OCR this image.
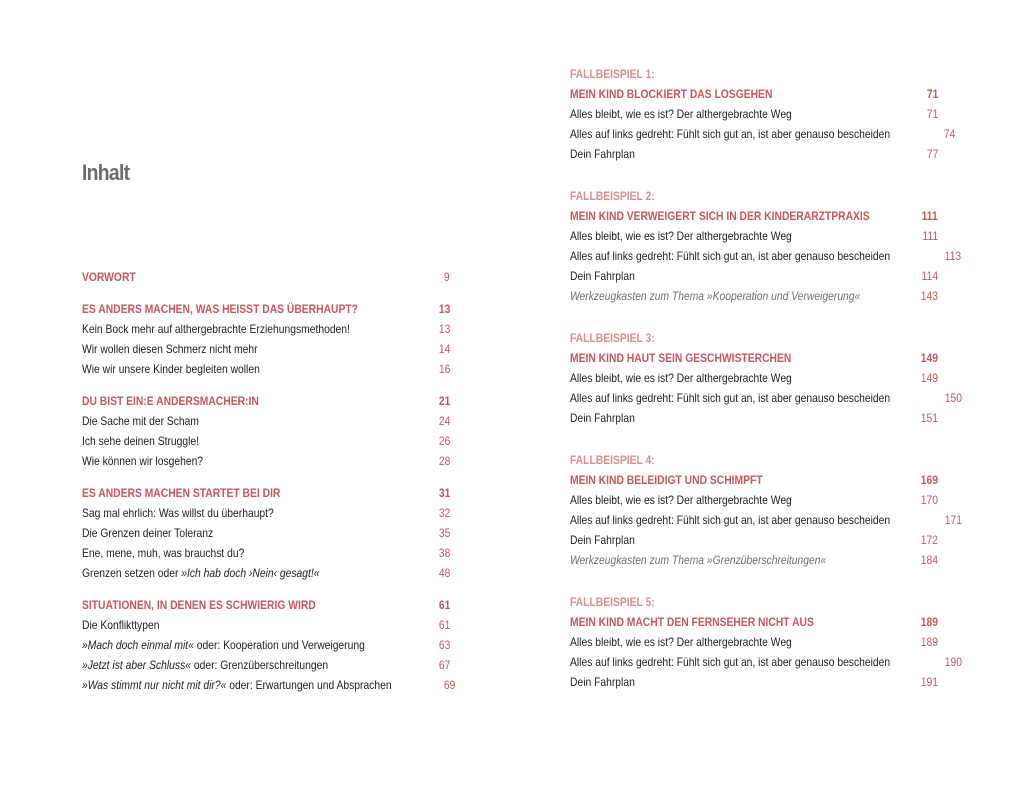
Inhalt
VORWORT	9
ES ANDERS MACHEN, WAS HEISST DAS ÜBERHAUPT?	13
Kein Bock mehr auf althergebrachte Erziehungsmethoden!	13
Wir wollen diesen Schmerz nicht mehr	14
Wie wir unsere Kinder begleiten wollen	16
DU BIST EIN:E ANDERSMACHER:IN	21
Die Sache mit der Scham	24
Ich sehe deinen Struggle!	26
Wie können wir losgehen?	28
ES ANDERS MACHEN STARTET BEI DIR	31
Sag mal ehrlich: Was willst du überhaupt?	32
Die Grenzen deiner Toleranz	35
Ene, mene, muh, was brauchst du?	38
Grenzen setzen oder »Ich hab doch ›Nein‹ gesagt!«	48
SITUATIONEN, IN DENEN ES SCHWIERIG WIRD	61
Die Konflikttypen	61
»Mach doch einmal mit« oder: Kooperation und Verweigerung	63
»Jetzt ist aber Schluss« oder: Grenzüberschreitungen	67
»Was stimmt nur nicht mit dir?« oder: Erwartungen und Absprachen	69
FALLBEISPIEL 1:
MEIN KIND BLOCKIERT DAS LOSGEHEN	71
Alles bleibt, wie es ist? Der althergebrachte Weg	71
Alles auf links gedreht: Fühlt sich gut an, ist aber genauso bescheiden	74
Dein Fahrplan	77
FALLBEISPIEL 2:
MEIN KIND VERWEIGERT SICH IN DER KINDERARZTPRAXIS	111
Alles bleibt, wie es ist? Der althergebrachte Weg	111
Alles auf links gedreht: Fühlt sich gut an, ist aber genauso bescheiden	113
Dein Fahrplan	114
Werkzeugkasten zum Thema »Kooperation und Verweigerung«	143
FALLBEISPIEL 3:
MEIN KIND HAUT SEIN GESCHWISTERCHEN	149
Alles bleibt, wie es ist? Der althergebrachte Weg	149
Alles auf links gedreht: Fühlt sich gut an, ist aber genauso bescheiden	150
Dein Fahrplan	151
FALLBEISPIEL 4:
MEIN KIND BELEIDIGT UND SCHIMPFT	169
Alles bleibt, wie es ist? Der althergebrachte Weg	170
Alles auf links gedreht: Fühlt sich gut an, ist aber genauso bescheiden	171
Dein Fahrplan	172
Werkzeugkasten zum Thema »Grenzüberschreitungen«	184
FALLBEISPIEL 5:
MEIN KIND MACHT DEN FERNSEHER NICHT AUS	189
Alles bleibt, wie es ist? Der althergebrachte Weg	189
Alles auf links gedreht: Fühlt sich gut an, ist aber genauso bescheiden	190
Dein Fahrplan	191
